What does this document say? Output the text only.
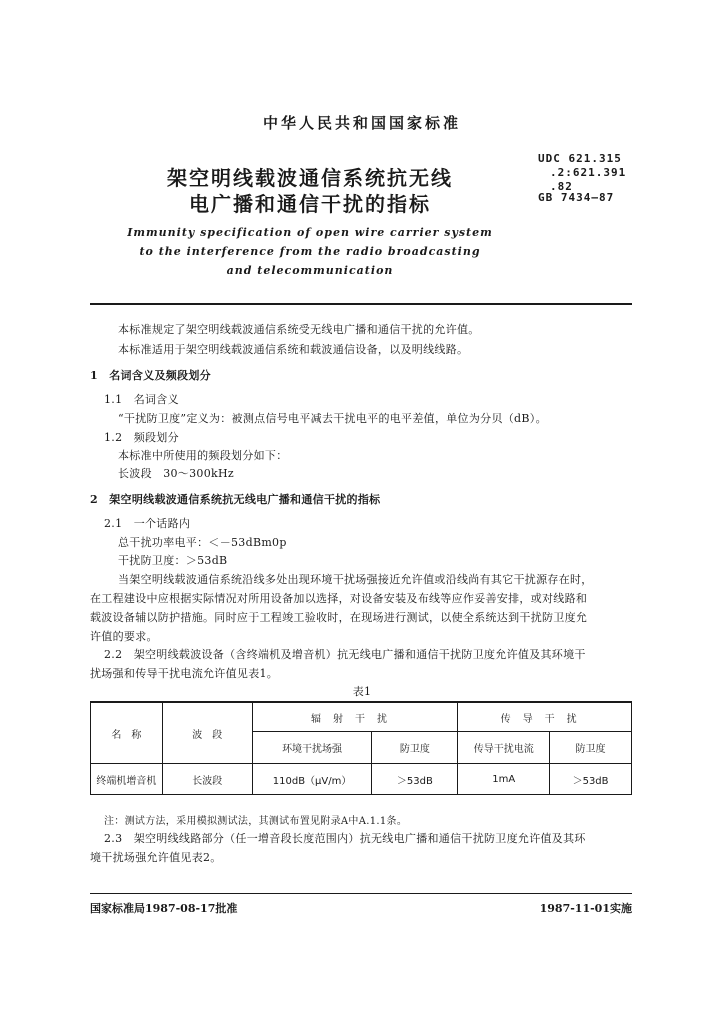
中华人民共和国国家标准
架空明线载波通信系统抗无线
电广播和通信干扰的指标
UDC 621.315
.2:621.391
.82
GB 7434—87
Immunity specification of open wire carrier system
to the interference from the radio broadcasting
and telecommunication
本标准规定了架空明线载波通信系统受无线电广播和通信干扰的允许值。
本标准适用于架空明线载波通信系统和载波通信设备，以及明线线路。
1　名词含义及频段划分
1.1　名词含义
“干扰防卫度”定义为：被测点信号电平减去干扰电平的电平差值，单位为分贝（dB）。
1.2　频段划分
本标准中所使用的频段划分如下：
长波段　30～300kHz
2　架空明线载波通信系统抗无线电广播和通信干扰的指标
2.1　一个话路内
总干扰功率电平：＜－53dBm0p
干扰防卫度：＞53dB
当架空明线载波通信系统沿线多处出现环境干扰场强接近允许值或沿线尚有其它干扰源存在时，
在工程建设中应根据实际情况对所用设备加以选择，对设备安装及布线等应作妥善安排，或对线路和
载波设备辅以防护措施。同时应于工程竣工验收时，在现场进行测试，以使全系统达到干扰防卫度允
许值的要求。
2.2　架空明线载波设备（含终端机及增音机）抗无线电广播和通信干扰防卫度允许值及其环境干
扰场强和传导干扰电流允许值见表1。
表1
名　称	波　段	辐射干扰		传导干扰	
		环境干扰场强	防卫度	传导干扰电流	防卫度
终端机增音机	长波段	110dB（μV/m）	＞53dB	1mA	＞53dB
注：测试方法，采用模拟测试法，其测试布置见附录A中A.1.1条。
2.3　架空明线线路部分（任一增音段长度范围内）抗无线电广播和通信干扰防卫度允许值及其环
境干扰场强允许值见表2。
国家标准局1987-08-17批准	1987-11-01实施
